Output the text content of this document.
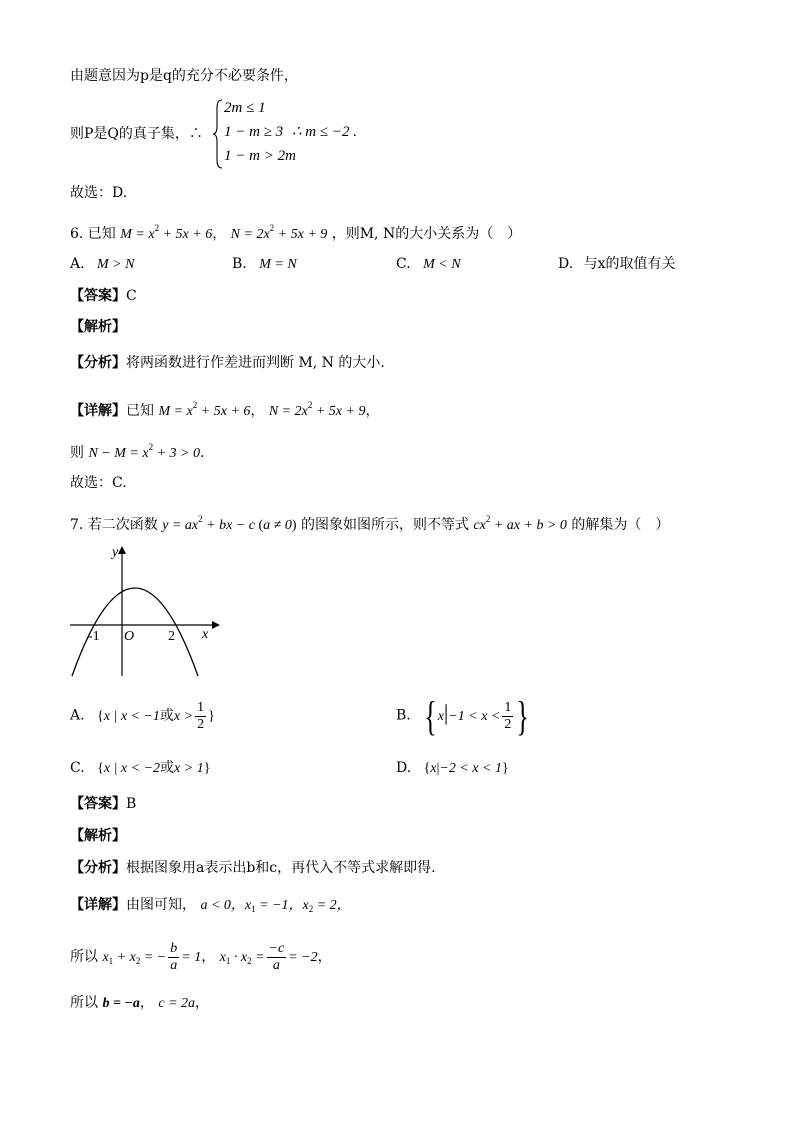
由题意因为p是q的充分不必要条件，
则P是Q的真子集，∴
2m ≤ 1
1 − m ≥ 3
1 − m > 2m
∴ m ≤ −2 .
故选：D.
6. 已知 $M = x^2 + 5x + 6$， $N = 2x^2 + 5x + 9$ ，则M, N的大小关系为（　）
A. M > N	B. M = N	C. M < N	D. 与x的取值有关
【答案】C
【解析】
【分析】将两函数进行作差进而判断 M, N 的大小.
【详解】已知 $M = x^2 + 5x + 6$， $N = 2x^2 + 5x + 9$，
则 $N - M = x^2 + 3 > 0$.
故选：C.
7. 若二次函数 $y = ax^2$ + bx − c (a ≠ 0) 的图象如图所示，则不等式 $cx^2$ + ax + b > 0 的解集为（　）
y
x
O
-1	2
A. {x | x < −1或$x > \frac{1}{2}$ }	B. {$x|-1 < x < \frac{1}{2}$ }
C. {x | x < −2或x > 1}	D. {x|−2 < x < 1}
【答案】B
【解析】
【分析】根据图象用a表示出b和c，再代入不等式求解即得.
【详解】由图可知， a < 0，$x_1 = -1$，$x_2 = 2$，
所以 $x_1 + x_2$ = − $\frac{b}{a} = 1$， $x_1 \cdot x_2 = \frac{-c}{a} = -2$，
所以 b = −a， c = 2a，
